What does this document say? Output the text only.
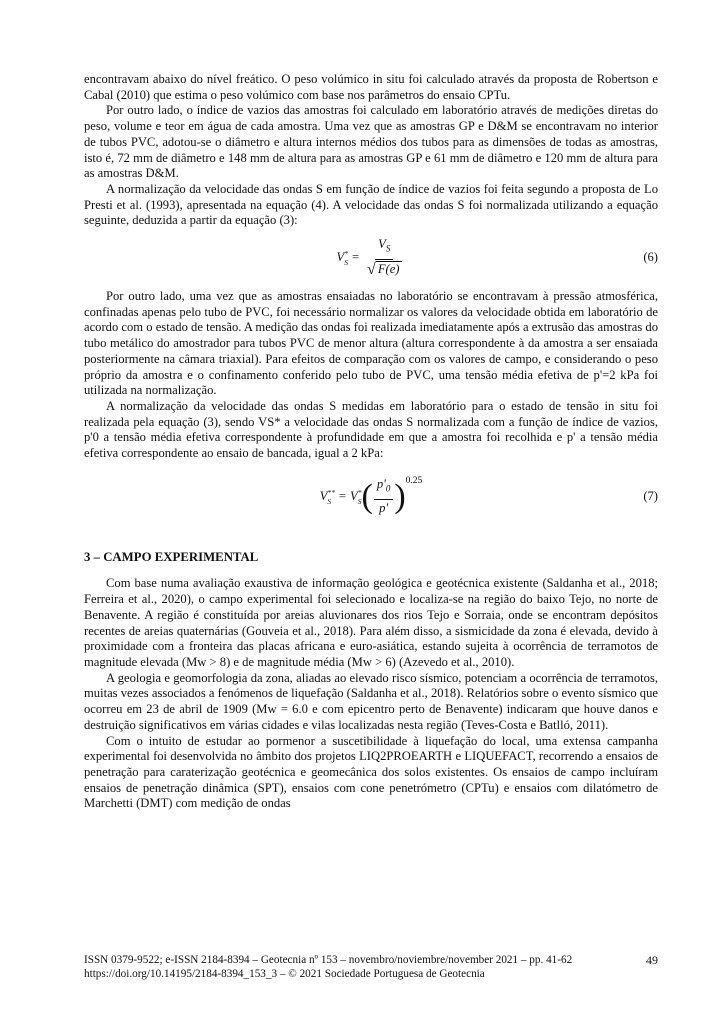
encontravam abaixo do nível freático. O peso volúmico in situ foi calculado através da proposta de Robertson e Cabal (2010) que estima o peso volúmico com base nos parâmetros do ensaio CPTu.

Por outro lado, o índice de vazios das amostras foi calculado em laboratório através de medições diretas do peso, volume e teor em água de cada amostra. Uma vez que as amostras GP e D&M se encontravam no interior de tubos PVC, adotou-se o diâmetro e altura internos médios dos tubos para as dimensões de todas as amostras, isto é, 72 mm de diâmetro e 148 mm de altura para as amostras GP e 61 mm de diâmetro e 120 mm de altura para as amostras D&M.

A normalização da velocidade das ondas S em função de índice de vazios foi feita segundo a proposta de Lo Presti et al. (1993), apresentada na equação (4). A velocidade das ondas S foi normalizada utilizando a equação seguinte, deduzida a partir da equação (3):

V *
$S = \frac{V_S}{√ F(e)}$	(6)

Por outro lado, uma vez que as amostras ensaiadas no laboratório se encontravam à pressão atmosférica, confinadas apenas pelo tubo de PVC, foi necessário normalizar os valores da velocidade obtida em laboratório de acordo com o estado de tensão. A medição das ondas foi realizada imediatamente após a extrusão das amostras do tubo metálico do amostrador para tubos PVC de menor altura (altura correspondente à da amostra a ser ensaiada posteriormente na câmara triaxial). Para efeitos de comparação com os valores de campo, e considerando o peso próprio da amostra e o confinamento conferido pelo tubo de PVC, uma tensão média efetiva de p'=2 kPa foi utilizada na normalização.

A normalização da velocidade das ondas S medidas em laboratório para o estado de tensão in situ foi realizada pela equação (3), sendo VS* a velocidade das ondas S normalizada com a função de índice de vazios, p'0 a tensão média efetiva correspondente à profundidade em que a amostra foi recolhida e p' a tensão média efetiva correspondente ao ensaio de bancada, igual a 2 kPa:

V **
S = V *
S ( $\frac{p'_0}{p'} )^{0.25}$
(7)
3 – CAMPO EXPERIMENTAL

Com base numa avaliação exaustiva de informação geológica e geotécnica existente (Saldanha et al., 2018; Ferreira et al., 2020), o campo experimental foi selecionado e localiza-se na região do baixo Tejo, no norte de Benavente. A região é constituída por areias aluvionares dos rios Tejo e Sorraia, onde se encontram depósitos recentes de areias quaternárias (Gouveia et al., 2018). Para além disso, a sismicidade da zona é elevada, devido à proximidade com a fronteira das placas africana e euro-asiática, estando sujeita à ocorrência de terramotos de magnitude elevada (Mw > 8) e de magnitude média (Mw > 6) (Azevedo et al., 2010).

A geologia e geomorfologia da zona, aliadas ao elevado risco sísmico, potenciam a ocorrência de terramotos, muitas vezes associados a fenómenos de liquefação (Saldanha et al., 2018). Relatórios sobre o evento sísmico que ocorreu em 23 de abril de 1909 (Mw = 6.0 e com epicentro perto de Benavente) indicaram que houve danos e destruição significativos em várias cidades e vilas localizadas nesta região (Teves-Costa e Batlló, 2011).

Com o intuito de estudar ao pormenor a suscetibilidade à liquefação do local, uma extensa campanha experimental foi desenvolvida no âmbito dos projetos LIQ2PROEARTH e LIQUEFACT, recorrendo a ensaios de penetração para caraterização geotécnica e geomecânica dos solos existentes. Os ensaios de campo incluíram ensaios de penetração dinâmica (SPT), ensaios com cone penetrómetro (CPTu) e ensaios com dilatómetro de Marchetti (DMT) com medição de ondas

ISSN 0379-9522; e-ISSN 2184-8394 – Geotecnia nº 153 – novembro/noviembre/november 2021 – pp. 41-62	49
https://doi.org/10.14195/2184-8394_153_3 – © 2021 Sociedade Portuguesa de Geotecnia
